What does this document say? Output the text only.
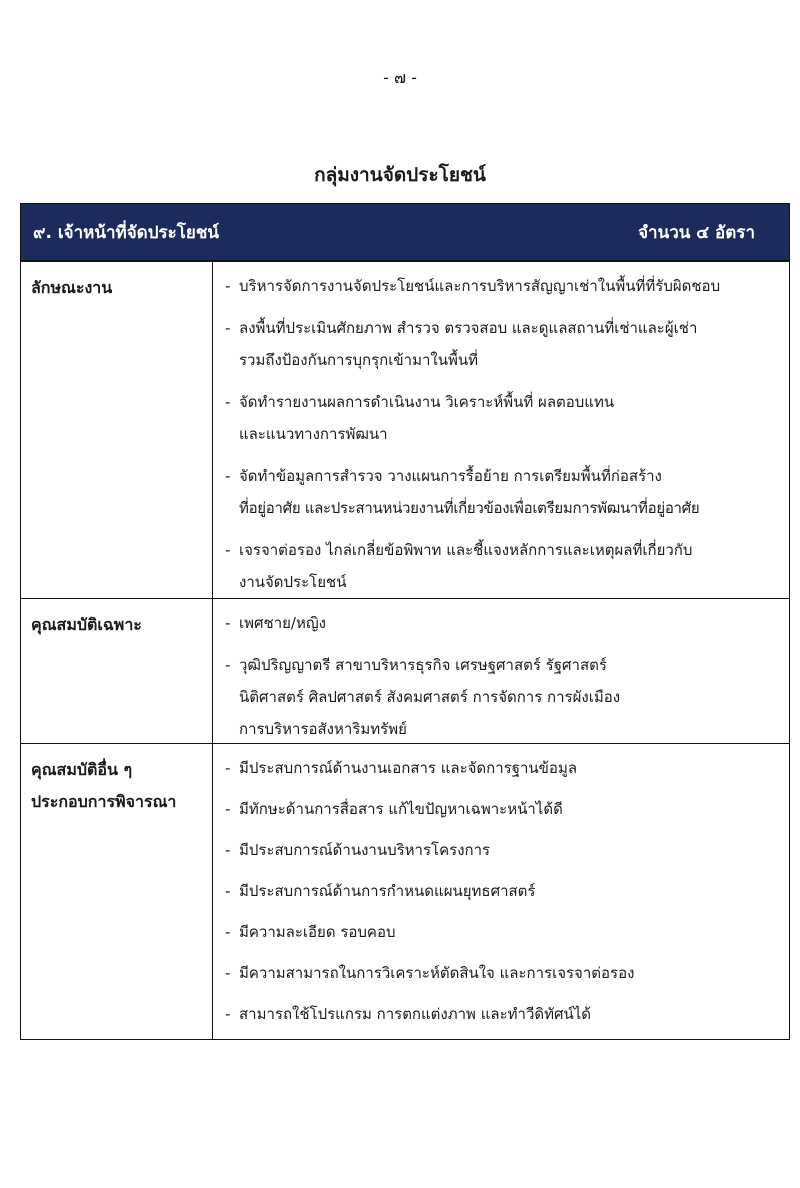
- ๗ -
กลุ่มงานจัดประโยชน์
๙. เจ้าหน้าที่จัดประโยชน์	จำนวน ๔ อัตรา
ลักษณะงาน	- บริหารจัดการงานจัดประโยชน์และการบริหารสัญญาเช่าในพื้นที่ที่รับผิดชอบ
- ลงพื้นที่ประเมินศักยภาพ สำรวจ ตรวจสอบ และดูแลสถานที่เช่าและผู้เช่า
รวมถึงป้องกันการบุกรุกเข้ามาในพื้นที่
- จัดทำรายงานผลการดำเนินงาน วิเคราะห์พื้นที่ ผลตอบแทน
และแนวทางการพัฒนา
- จัดทำข้อมูลการสำรวจ วางแผนการรื้อย้าย การเตรียมพื้นที่ก่อสร้าง
ที่อยู่อาศัย และประสานหน่วยงานที่เกี่ยวข้องเพื่อเตรียมการพัฒนาที่อยู่อาศัย
- เจรจาต่อรอง ไกล่เกลี่ยข้อพิพาท และชี้แจงหลักการและเหตุผลที่เกี่ยวกับ
งานจัดประโยชน์
คุณสมบัติเฉพาะ	- เพศชาย/หญิง
- วุฒิปริญญาตรี สาขาบริหารธุรกิจ เศรษฐศาสตร์ รัฐศาสตร์
นิติศาสตร์ ศิลปศาสตร์ สังคมศาสตร์ การจัดการ การผังเมือง
การบริหารอสังหาริมทรัพย์
คุณสมบัติอื่น ๆ
ประกอบการพิจารณา
- มีประสบการณ์ด้านงานเอกสาร และจัดการฐานข้อมูล
- มีทักษะด้านการสื่อสาร แก้ไขปัญหาเฉพาะหน้าได้ดี
- มีประสบการณ์ด้านงานบริหารโครงการ
- มีประสบการณ์ด้านการกำหนดแผนยุทธศาสตร์
- มีความละเอียด รอบคอบ
- มีความสามารถในการวิเคราะห์ตัดสินใจ และการเจรจาต่อรอง
- สามารถใช้โปรแกรม การตกแต่งภาพ และทำวีดิทัศน์ได้
